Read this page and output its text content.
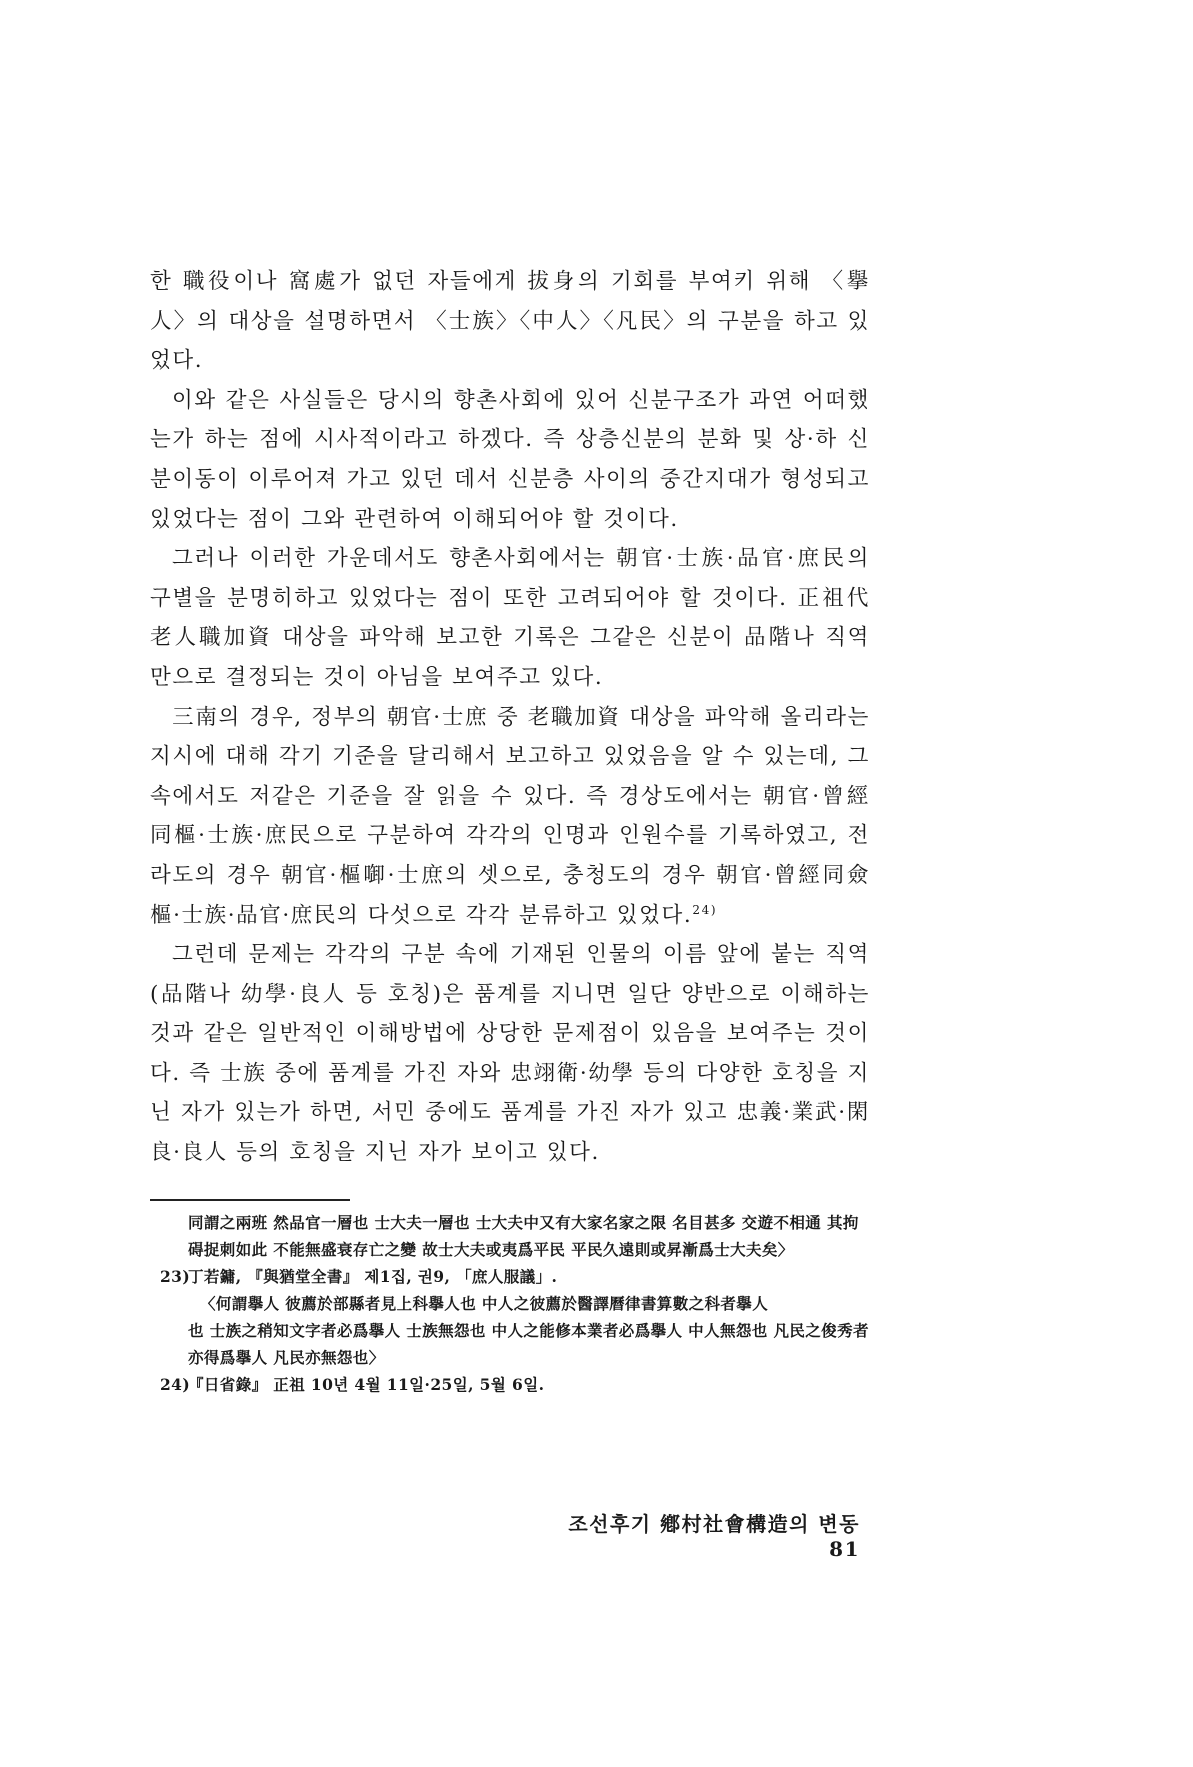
한 職役이나 窩處가 없던 자들에게 拔身의 기회를 부여키 위해 〈擧人〉의 대상을 설명하면서 〈士族〉〈中人〉〈凡民〉의 구분을 하고 있었다.

이와 같은 사실들은 당시의 향촌사회에 있어 신분구조가 과연 어떠했는가 하는 점에 시사적이라고 하겠다. 즉 상층신분의 분화 및 상·하 신분이동이 이루어져 가고 있던 데서 신분층 사이의 중간지대가 형성되고 있었다는 점이 그와 관련하여 이해되어야 할 것이다.

그러나 이러한 가운데서도 향촌사회에서는 朝官·士族·品官·庶民의 구별을 분명히하고 있었다는 점이 또한 고려되어야 할 것이다. 正祖代 老人職加資 대상을 파악해 보고한 기록은 그같은 신분이 品階나 직역만으로 결정되는 것이 아님을 보여주고 있다.

三南의 경우, 정부의 朝官·士庶 중 老職加資 대상을 파악해 올리라는 지시에 대해 각기 기준을 달리해서 보고하고 있었음을 알 수 있는데, 그 속에서도 저같은 기준을 잘 읽을 수 있다. 즉 경상도에서는 朝官·曾經同樞·士族·庶民으로 구분하여 각각의 인명과 인원수를 기록하였고, 전라도의 경우 朝官·樞啣·士庶의 셋으로, 충청도의 경우 朝官·曾經同僉樞·士族·品官·庶民의 다섯으로 각각 분류하고 있었다.$^{24)}$

그런데 문제는 각각의 구분 속에 기재된 인물의 이름 앞에 붙는 직역(品階나 幼學·良人 등 호칭)은 품계를 지니면 일단 양반으로 이해하는 것과 같은 일반적인 이해방법에 상당한 문제점이 있음을 보여주는 것이다. 즉 士族 중에 품계를 가진 자와 忠翊衛·幼學 등의 다양한 호칭을 지닌 자가 있는가 하면, 서민 중에도 품계를 가진 자가 있고 忠義·業武·閑良·良人 등의 호칭을 지닌 자가 보이고 있다.

同謂之兩班 然品官一層也 士大夫一層也 士大夫中又有大家名家之限 名目甚多 交遊不相通 其拘碍捉刺如此 不能無盛衰存亡之變 故士大夫或夷爲平民 平民久遠則或昇漸爲士大夫矣〉

23)
丁若鏞, 『與猶堂全書』 제1집, 권9, 「庶人服議」.

〈何謂擧人 彼薦於部縣者見上科擧人也 中人之彼薦於醫譯曆律書算數之科者擧人

也 士族之稍知文字者必爲擧人 士族無怨也 中人之能修本業者必爲擧人 中人無怨也 凡民之俊秀者亦得爲擧人 凡民亦無怨也〉

24)
『日省錄』 正祖 10년 4월 11일·25일, 5월 6일.
조선후기 鄕村社會構造의 변동81
